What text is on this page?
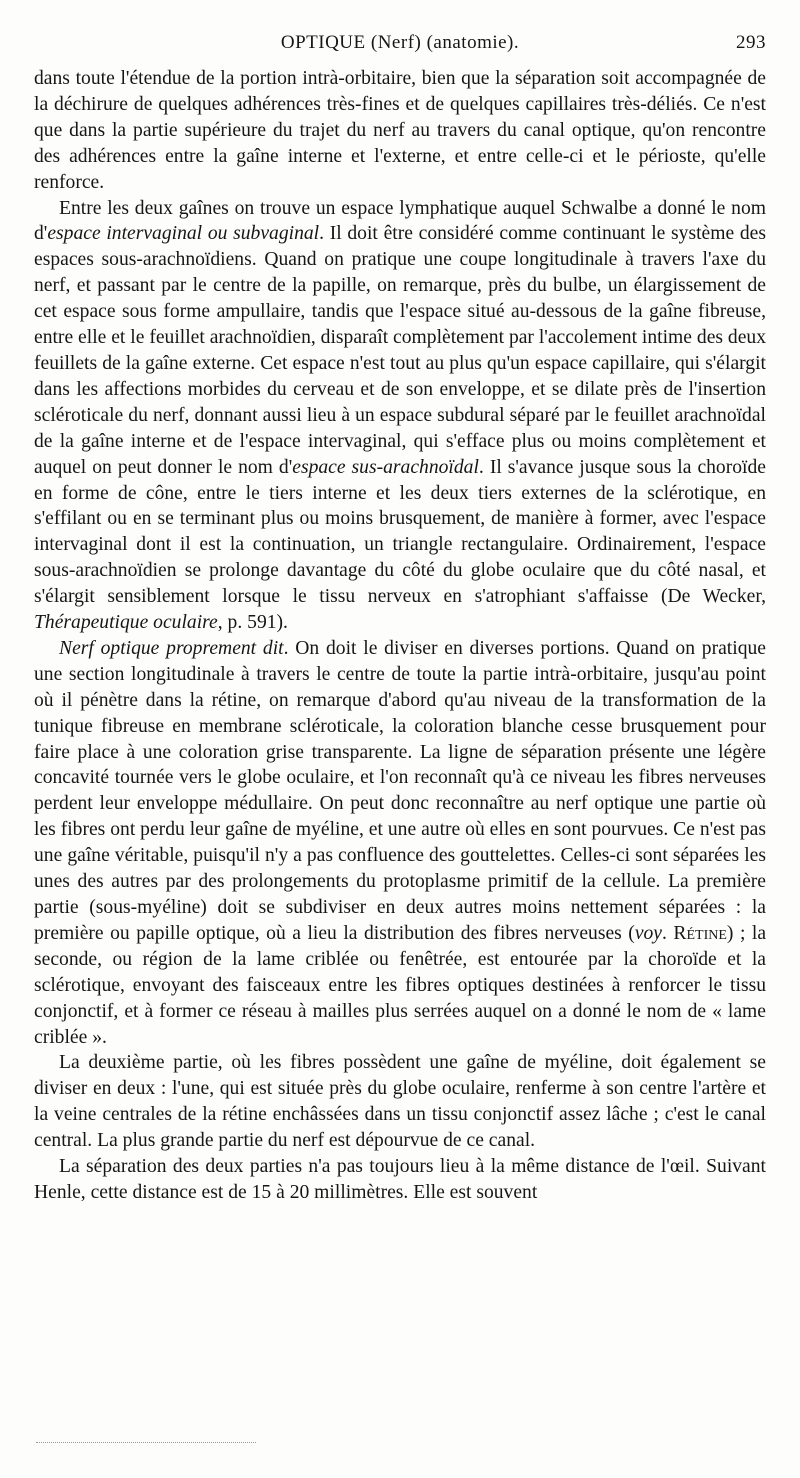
OPTIQUE (Nerf) (anatomie).	293

dans toute l'étendue de la portion intrà-orbitaire, bien que la séparation soit accompagnée de la déchirure de quelques adhérences très-fines et de quelques capillaires très-déliés. Ce n'est que dans la partie supérieure du trajet du nerf au travers du canal optique, qu'on rencontre des adhérences entre la gaîne interne et l'externe, et entre celle-ci et le périoste, qu'elle renforce.

Entre les deux gaînes on trouve un espace lymphatique auquel Schwalbe a donné le nom d'espace intervaginal ou subvaginal. Il doit être considéré comme continuant le système des espaces sous-arachnoïdiens. Quand on pratique une coupe longitudinale à travers l'axe du nerf, et passant par le centre de la papille, on remarque, près du bulbe, un élargissement de cet espace sous forme ampullaire, tandis que l'espace situé au-dessous de la gaîne fibreuse, entre elle et le feuillet arachnoïdien, disparaît complètement par l'accolement intime des deux feuillets de la gaîne externe. Cet espace n'est tout au plus qu'un espace capillaire, qui s'élargit dans les affections morbides du cerveau et de son enveloppe, et se dilate près de l'insertion scléroticale du nerf, donnant aussi lieu à un espace subdural séparé par le feuillet arachnoïdal de la gaîne interne et de l'espace intervaginal, qui s'efface plus ou moins complètement et auquel on peut donner le nom d'espace sus-arachnoïdal. Il s'avance jusque sous la choroïde en forme de cône, entre le tiers interne et les deux tiers externes de la sclérotique, en s'effilant ou en se terminant plus ou moins brusquement, de manière à former, avec l'espace intervaginal dont il est la continuation, un triangle rectangulaire. Ordinairement, l'espace sous-arachnoïdien se prolonge davantage du côté du globe oculaire que du côté nasal, et s'élargit sensiblement lorsque le tissu nerveux en s'atrophiant s'affaisse (De Wecker, Thérapeutique oculaire, p. 591).

Nerf optique proprement dit. On doit le diviser en diverses portions. Quand on pratique une section longitudinale à travers le centre de toute la partie intrà-orbitaire, jusqu'au point où il pénètre dans la rétine, on remarque d'abord qu'au niveau de la transformation de la tunique fibreuse en membrane scléroticale, la coloration blanche cesse brusquement pour faire place à une coloration grise transparente. La ligne de séparation présente une légère concavité tournée vers le globe oculaire, et l'on reconnaît qu'à ce niveau les fibres nerveuses perdent leur enveloppe médullaire. On peut donc reconnaître au nerf optique une partie où les fibres ont perdu leur gaîne de myéline, et une autre où elles en sont pourvues. Ce n'est pas une gaîne véritable, puisqu'il n'y a pas confluence des gouttelettes. Celles-ci sont séparées les unes des autres par des prolongements du protoplasme primitif de la cellule. La première partie (sous-myéline) doit se subdiviser en deux autres moins nettement séparées : la première ou papille optique, où a lieu la distribution des fibres nerveuses (voy. Rétine) ; la seconde, ou région de la lame criblée ou fenêtrée, est entourée par la choroïde et la sclérotique, envoyant des faisceaux entre les fibres optiques destinées à renforcer le tissu conjonctif, et à former ce réseau à mailles plus serrées auquel on a donné le nom de « lame criblée ».

La deuxième partie, où les fibres possèdent une gaîne de myéline, doit également se diviser en deux : l'une, qui est située près du globe oculaire, renferme à son centre l'artère et la veine centrales de la rétine enchâssées dans un tissu conjonctif assez lâche ; c'est le canal central. La plus grande partie du nerf est dépourvue de ce canal.

La séparation des deux parties n'a pas toujours lieu à la même distance de l'œil. Suivant Henle, cette distance est de 15 à 20 millimètres. Elle est souvent
